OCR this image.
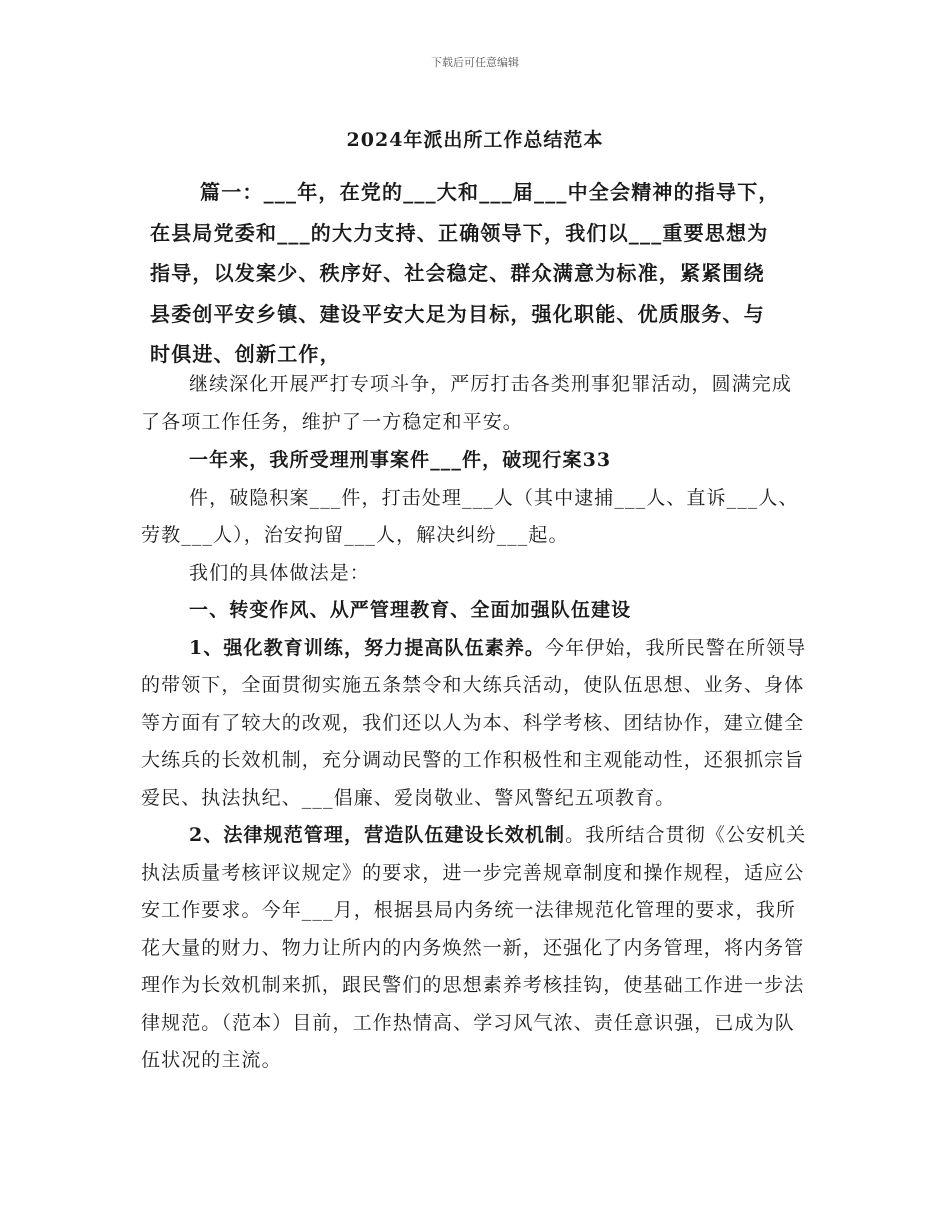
下载后可任意编辑
2024年派出所工作总结范本
篇一：___年，在党的___大和___届___中全会精神的指导下，
在县局党委和___的大力支持、正确领导下，我们以___重要思想为
指导，以发案少、秩序好、社会稳定、群众满意为标准，紧紧围绕
县委创平安乡镇、建设平安大足为目标，强化职能、优质服务、与
时俱进、创新工作，

继续深化开展严打专项斗争，严厉打击各类刑事犯罪活动，圆满完成了各项工作任务，维护了一方稳定和平安。

一年来，我所受理刑事案件___件，破现行案33

件，破隐积案___件，打击处理___人（其中逮捕___人、直诉___人、劳教___人），治安拘留___人，解决纠纷___起。

我们的具体做法是：

一、转变作风、从严管理教育、全面加强队伍建设

1、强化教育训练，努力提高队伍素养。今年伊始，我所民警在所领导的带领下，全面贯彻实施五条禁令和大练兵活动，使队伍思想、业务、身体等方面有了较大的改观，我们还以人为本、科学考核、团结协作，建立健全大练兵的长效机制，充分调动民警的工作积极性和主观能动性，还狠抓宗旨爱民、执法执纪、___倡廉、爱岗敬业、警风警纪五项教育。

2、法律规范管理，营造队伍建设长效机制。我所结合贯彻《公安机关执法质量考核评议规定》的要求，进一步完善规章制度和操作规程，适应公安工作要求。今年___月，根据县局内务统一法律规范化管理的要求，我所花大量的财力、物力让所内的内务焕然一新，还强化了内务管理，将内务管理作为长效机制来抓，跟民警们的思想素养考核挂钩，使基础工作进一步法律规范。（范本）目前，工作热情高、学习风气浓、责任意识强，已成为队伍状况的主流。
